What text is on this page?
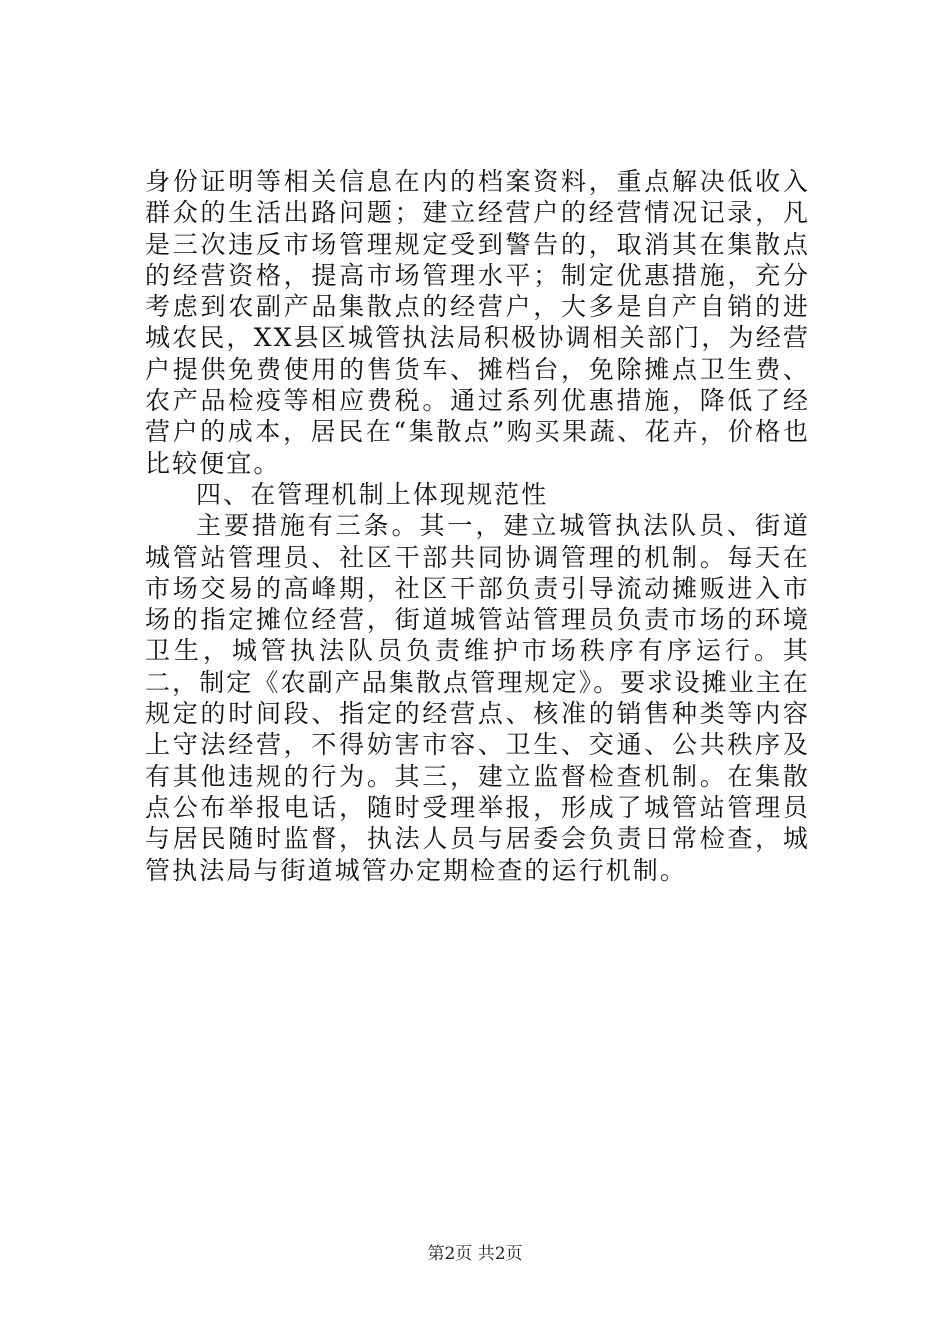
身份证明等相关信息在内的档案资料，重点解决低收入群众的生活出路问题；建立经营户的经营情况记录，凡是三次违反市场管理规定受到警告的，取消其在集散点的经营资格，提高市场管理水平；制定优惠措施，充分考虑到农副产品集散点的经营户，大多是自产自销的进城农民，XX县区城管执法局积极协调相关部门，为经营户提供免费使用的售货车、摊档台，免除摊点卫生费、农产品检疫等相应费税。通过系列优惠措施，降低了经营户的成本，居民在“集散点”购买果蔬、花卉，价格也比较便宜。

四、在管理机制上体现规范性

主要措施有三条。其一，建立城管执法队员、街道城管站管理员、社区干部共同协调管理的机制。每天在市场交易的高峰期，社区干部负责引导流动摊贩进入市场的指定摊位经营，街道城管站管理员负责市场的环境卫生，城管执法队员负责维护市场秩序有序运行。其二，制定《农副产品集散点管理规定》。要求设摊业主在规定的时间段、指定的经营点、核准的销售种类等内容上守法经营，不得妨害市容、卫生、交通、公共秩序及有其他违规的行为。其三，建立监督检查机制。在集散点公布举报电话，随时受理举报，形成了城管站管理员与居民随时监督，执法人员与居委会负责日常检查，城管执法局与街道城管办定期检查的运行机制。

第2页 共2页
